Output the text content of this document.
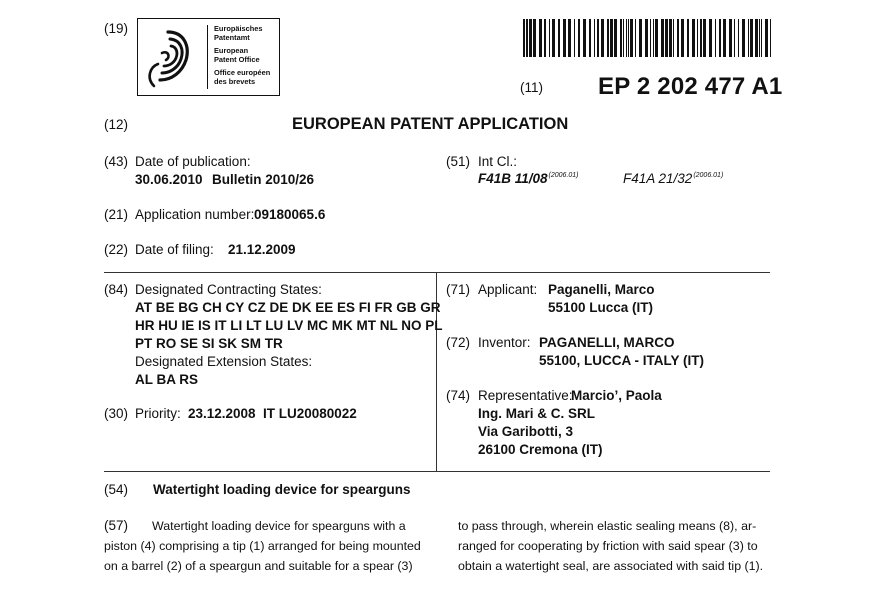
(19)	Europäisches
Patentamt
European
Patent Office
Office européen
des brevets	(11) EP 2 202 477 A1
(12)	EUROPEAN PATENT APPLICATION
(43) Date of publication:
30.06.2010 Bulletin 2010/26
(51) Int Cl.:
F41B $11/08^{(2006.01)}$	F41A $21/32^{(2006.01)}$
(21) Application number: 09180065.6
(22) Date of filing: 21.12.2009
(84) Designated Contracting States:
AT BE BG CH CY CZ DE DK EE ES FI FR GB GR
HR HU IE IS IT LI LT LU LV MC MK MT NL NO PL
PT RO SE SI SK SM TR
Designated Extension States:
AL BA RS
(30) Priority: 23.12.2008 IT LU20080022
(71) Applicant: Paganelli, Marco
55100 Lucca (IT)
(72) Inventor: PAGANELLI, MARCO
55100, LUCCA - ITALY (IT)
(74) Representative:
Marcio’, Paola
Ing. Mari & C. SRL
Via Garibotti, 3
26100 Cremona (IT)
(54) Watertight loading device for spearguns
(57)	Watertight loading device for spearguns with a
piston (4) comprising a tip (1) arranged for being mounted
on a barrel (2) of a speargun and suitable for a spear (3)
to pass through, wherein elastic sealing means (8), ar-
ranged for cooperating by friction with said spear (3) to
obtain a watertight seal, are associated with said tip (1).
